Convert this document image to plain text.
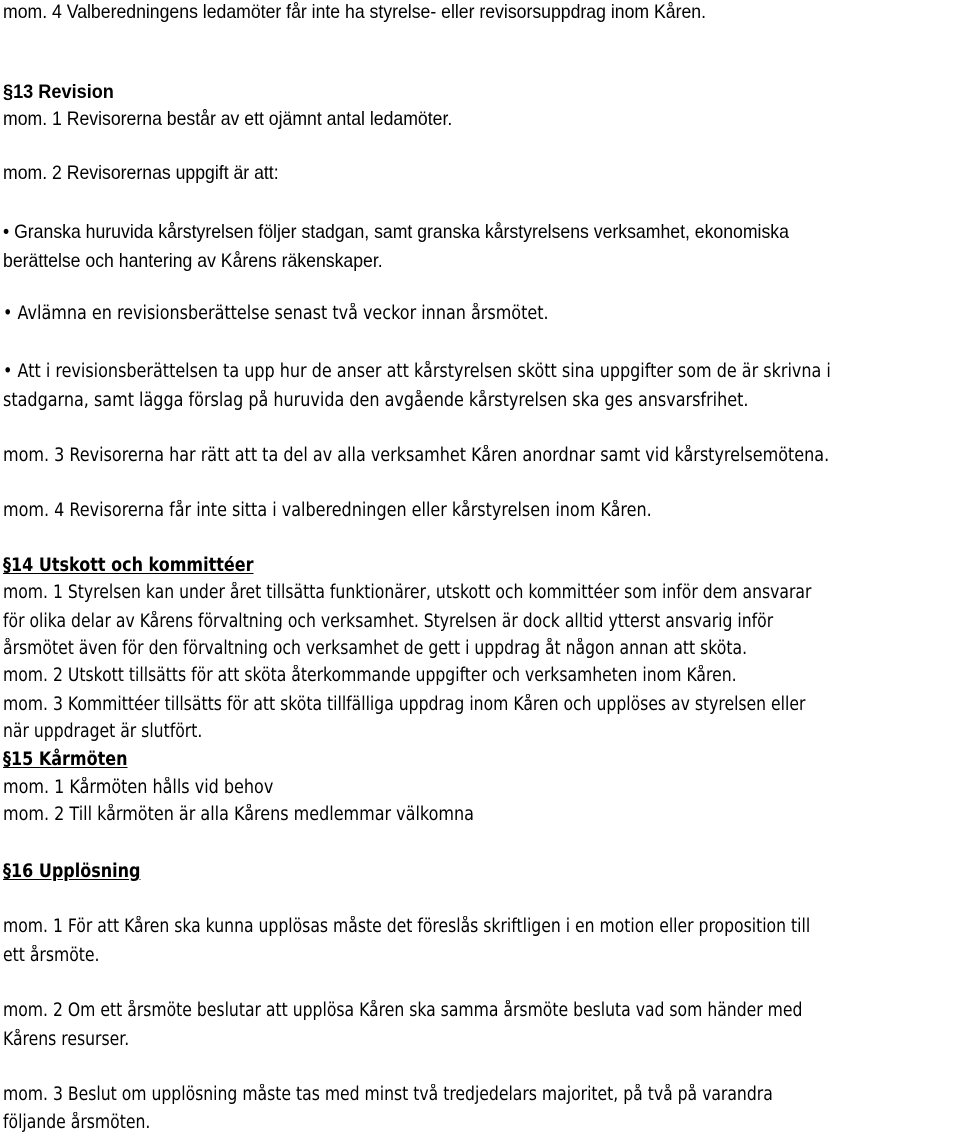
mom. 4 Valberedningens ledamöter får inte ha styrelse- eller revisorsuppdrag inom Kåren.
§13 Revision
mom. 1 Revisorerna består av ett ojämnt antal ledamöter.
mom. 2 Revisorernas uppgift är att:
• Granska huruvida kårstyrelsen följer stadgan, samt granska kårstyrelsens verksamhet, ekonomiska
berättelse och hantering av Kårens räkenskaper.
• Avlämna en revisionsberättelse senast två veckor innan årsmötet.
• Att i revisionsberättelsen ta upp hur de anser att kårstyrelsen skött sina uppgifter som de är skrivna i
stadgarna, samt lägga förslag på huruvida den avgående kårstyrelsen ska ges ansvarsfrihet.
mom. 3 Revisorerna har rätt att ta del av alla verksamhet Kåren anordnar samt vid kårstyrelsemötena.
mom. 4 Revisorerna får inte sitta i valberedningen eller kårstyrelsen inom Kåren.
§14 Utskott och kommittéer
mom. 1 Styrelsen kan under året tillsätta funktionärer, utskott och kommittéer som inför dem ansvarar
för olika delar av Kårens förvaltning och verksamhet. Styrelsen är dock alltid ytterst ansvarig inför
årsmötet även för den förvaltning och verksamhet de gett i uppdrag åt någon annan att sköta.
mom. 2 Utskott tillsätts för att sköta återkommande uppgifter och verksamheten inom Kåren.
mom. 3 Kommittéer tillsätts för att sköta tillfälliga uppdrag inom Kåren och upplöses av styrelsen eller
när uppdraget är slutfört.
§15 Kårmöten
mom. 1 Kårmöten hålls vid behov
mom. 2 Till kårmöten är alla Kårens medlemmar välkomna
§16 Upplösning
mom. 1 För att Kåren ska kunna upplösas måste det föreslås skriftligen i en motion eller proposition till
ett årsmöte.
mom. 2 Om ett årsmöte beslutar att upplösa Kåren ska samma årsmöte besluta vad som händer med
Kårens resurser.
mom. 3 Beslut om upplösning måste tas med minst två tredjedelars majoritet, på två på varandra
följande årsmöten.
